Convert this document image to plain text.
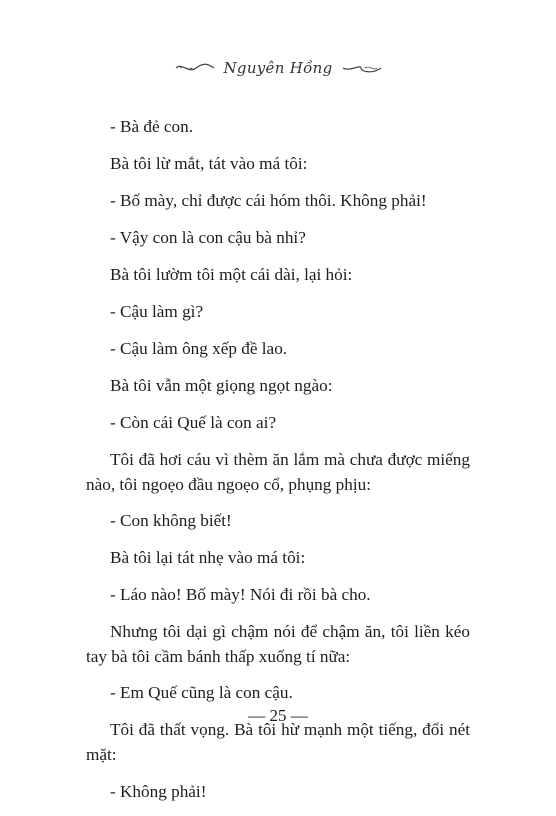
Nguyên Hồng

- Bà đẻ con.

Bà tôi lừ mắt, tát vào má tôi:

- Bố mày, chỉ được cái hóm thôi. Không phải!

- Vậy con là con cậu bà nhỉ?

Bà tôi lườm tôi một cái dài, lại hỏi:

- Cậu làm gì?

- Cậu làm ông xếp đề lao.

Bà tôi vẫn một giọng ngọt ngào:

- Còn cái Quế là con ai?

Tôi đã hơi cáu vì thèm ăn lắm mà chưa được miếng nào, tôi ngoẹo đầu ngoẹo cổ, phụng phịu:

- Con không biết!

Bà tôi lại tát nhẹ vào má tôi:

- Láo nào! Bố mày! Nói đi rồi bà cho.

Nhưng tôi dại gì chậm nói để chậm ăn, tôi liền kéo tay bà tôi cầm bánh thấp xuống tí nữa:

- Em Quế cũng là con cậu.

Tôi đã thất vọng. Bà tôi hừ mạnh một tiếng, đổi nét mặt:

- Không phải!

— 25 —
